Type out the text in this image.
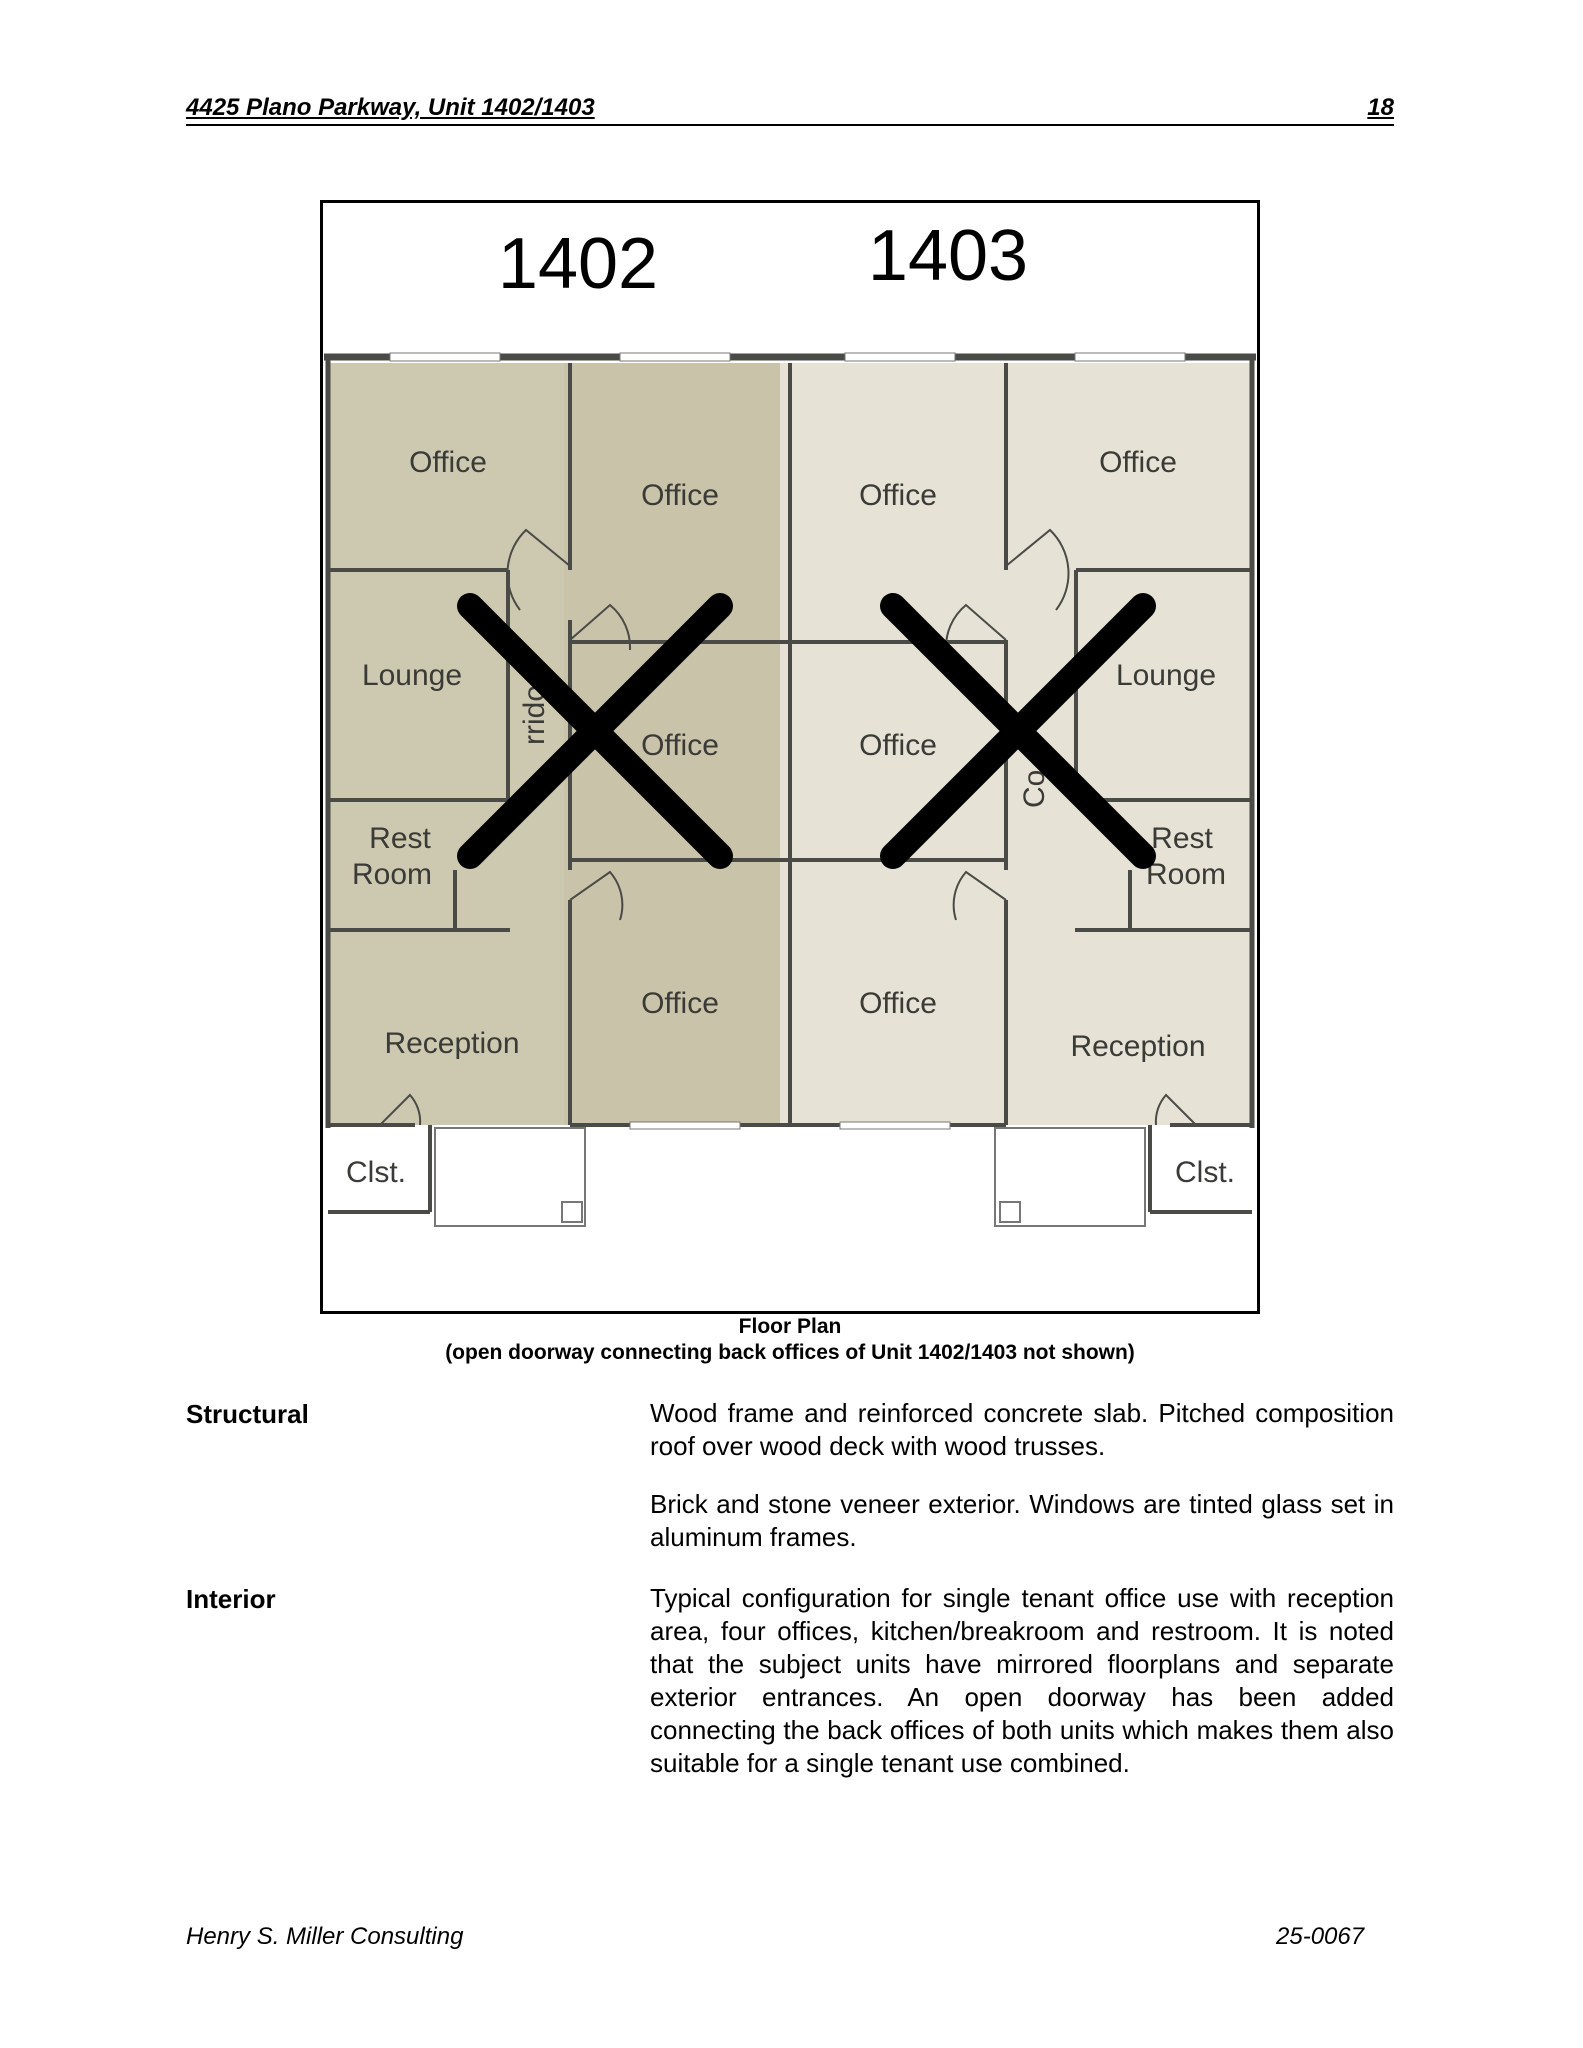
4425 Plano Parkway, Unit 1402/1403	18
1402	1403
Office
Office	Office
Office
Lounge	Lounge
Office	Office
Rest
Room
Rest
Room
Office	Office
Reception	Reception
Clst.	Clst.
rridor
Co
Floor Plan
(open doorway connecting back offices of Unit 1402/1403 not shown)
Structural	Wood frame and reinforced concrete slab. Pitched composition roof over wood deck with wood trusses.
Brick and stone veneer exterior. Windows are tinted glass set in aluminum frames.
Interior	Typical configuration for single tenant office use with reception area, four offices, kitchen/breakroom and restroom. It is noted that the subject units have mirrored floorplans and separate exterior entrances. An open doorway has been added connecting the back offices of both units which makes them also suitable for a single tenant use combined.
Henry S. Miller Consulting	25-0067
